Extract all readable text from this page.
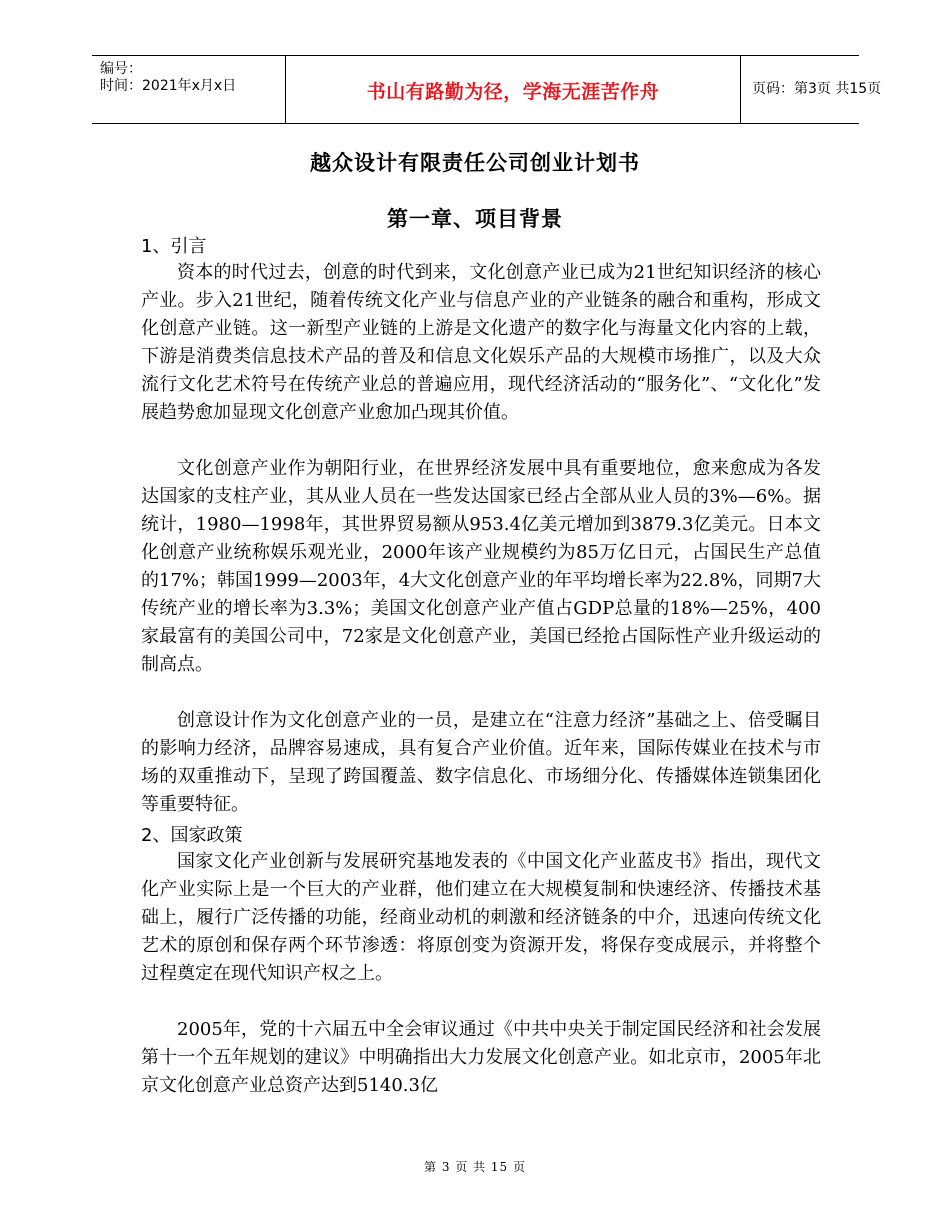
编号：
时间：2021年x月x日	书山有路勤为径，学海无涯苦作舟	页码：第3页 共15页
越众设计有限责任公司创业计划书
第一章、项目背景
1、引言

资本的时代过去，创意的时代到来，文化创意产业已成为21世纪知识经济的核心产业。步入21世纪，随着传统文化产业与信息产业的产业链条的融合和重构，形成文化创意产业链。这一新型产业链的上游是文化遗产的数字化与海量文化内容的上载，下游是消费类信息技术产品的普及和信息文化娱乐产品的大规模市场推广，以及大众流行文化艺术符号在传统产业总的普遍应用，现代经济活动的“服务化”、“文化化”发展趋势愈加显现文化创意产业愈加凸现其价值。

文化创意产业作为朝阳行业，在世界经济发展中具有重要地位，愈来愈成为各发达国家的支柱产业，其从业人员在一些发达国家已经占全部从业人员的3%—6%。据统计，1980—1998年，其世界贸易额从953.4亿美元增加到3879.3亿美元。日本文化创意产业统称娱乐观光业，2000年该产业规模约为85万亿日元，占国民生产总值的17%；韩国1999—2003年，4大文化创意产业的年平均增长率为22.8%，同期7大传统产业的增长率为3.3%；美国文化创意产业产值占GDP总量的18%—25%，400家最富有的美国公司中，72家是文化创意产业，美国已经抢占国际性产业升级运动的制高点。

创意设计作为文化创意产业的一员，是建立在“注意力经济”基础之上、倍受瞩目的影响力经济，品牌容易速成，具有复合产业价值。近年来，国际传媒业在技术与市场的双重推动下，呈现了跨国覆盖、数字信息化、市场细分化、传播媒体连锁集团化等重要特征。

2、国家政策

国家文化产业创新与发展研究基地发表的《中国文化产业蓝皮书》指出，现代文化产业实际上是一个巨大的产业群，他们建立在大规模复制和快速经济、传播技术基础上，履行广泛传播的功能，经商业动机的刺激和经济链条的中介，迅速向传统文化艺术的原创和保存两个环节渗透：将原创变为资源开发，将保存变成展示，并将整个过程奠定在现代知识产权之上。

2005年，党的十六届五中全会审议通过《中共中央关于制定国民经济和社会发展第十一个五年规划的建议》中明确指出大力发展文化创意产业。如北京市，2005年北京文化创意产业总资产达到5140.3亿

第 3 页 共 15 页
